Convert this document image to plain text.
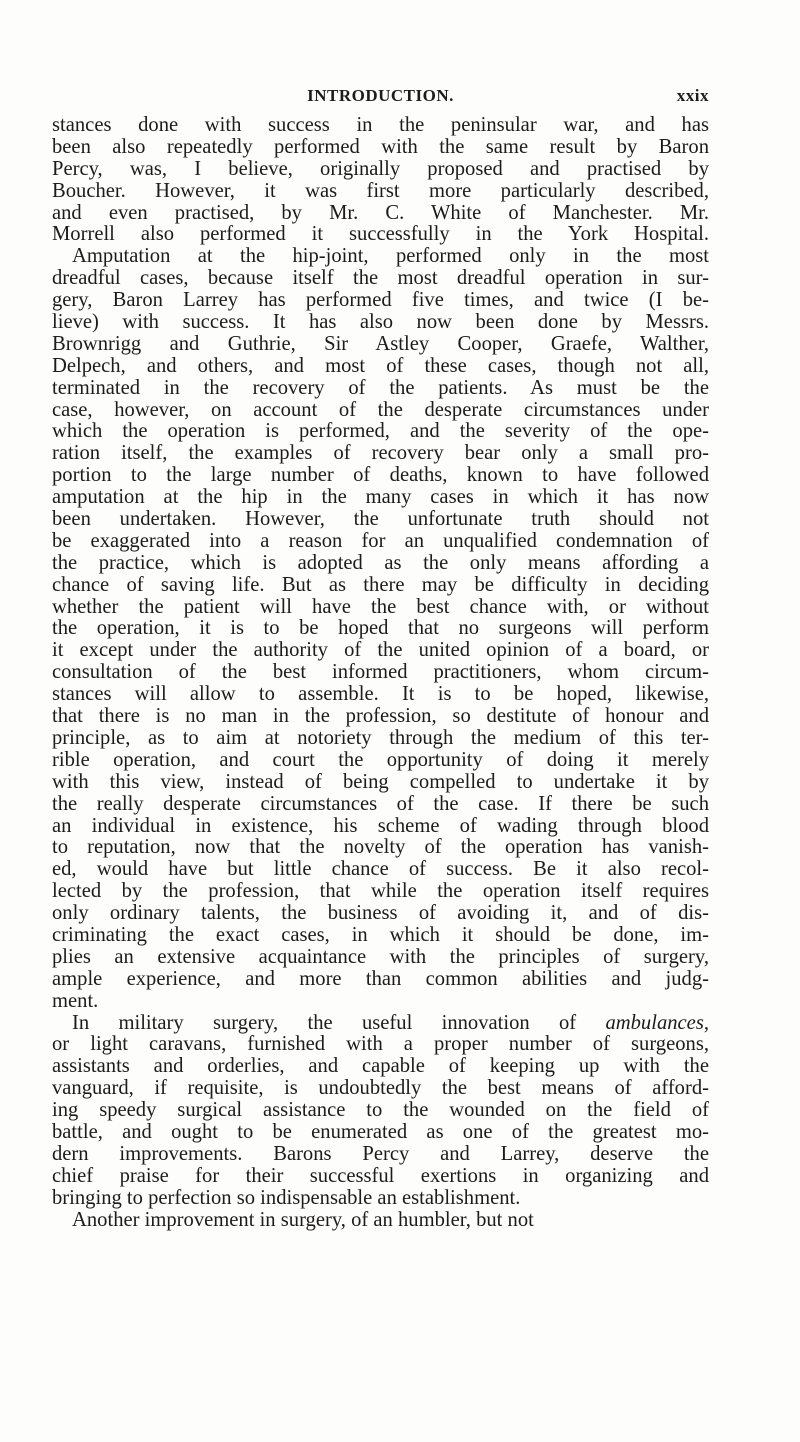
INTRODUCTION.	xxix
stances done with success in the peninsular war, and has
been also repeatedly performed with the same result by Baron
Percy, was, I believe, originally proposed and practised by
Boucher. However, it was first more particularly described,
and even practised, by Mr. C. White of Manchester. Mr.
Morrell also performed it successfully in the York Hospital.
Amputation at the hip-joint, performed only in the most
dreadful cases, because itself the most dreadful operation in sur-
gery, Baron Larrey has performed five times, and twice (I be-
lieve) with success. It has also now been done by Messrs.
Brownrigg and Guthrie, Sir Astley Cooper, Graefe, Walther,
Delpech, and others, and most of these cases, though not all,
terminated in the recovery of the patients. As must be the
case, however, on account of the desperate circumstances under
which the operation is performed, and the severity of the ope-
ration itself, the examples of recovery bear only a small pro-
portion to the large number of deaths, known to have followed
amputation at the hip in the many cases in which it has now
been undertaken. However, the unfortunate truth should not
be exaggerated into a reason for an unqualified condemnation of
the practice, which is adopted as the only means affording a
chance of saving life. But as there may be difficulty in deciding
whether the patient will have the best chance with, or without
the operation, it is to be hoped that no surgeons will perform
it except under the authority of the united opinion of a board, or
consultation of the best informed practitioners, whom circum-
stances will allow to assemble. It is to be hoped, likewise,
that there is no man in the profession, so destitute of honour and
principle, as to aim at notoriety through the medium of this ter-
rible operation, and court the opportunity of doing it merely
with this view, instead of being compelled to undertake it by
the really desperate circumstances of the case. If there be such
an individual in existence, his scheme of wading through blood
to reputation, now that the novelty of the operation has vanish-
ed, would have but little chance of success. Be it also recol-
lected by the profession, that while the operation itself requires
only ordinary talents, the business of avoiding it, and of dis-
criminating the exact cases, in which it should be done, im-
plies an extensive acquaintance with the principles of surgery,
ample experience, and more than common abilities and judg-
ment.
In military surgery, the useful innovation of ambulances,
or light caravans, furnished with a proper number of surgeons,
assistants and orderlies, and capable of keeping up with the
vanguard, if requisite, is undoubtedly the best means of afford-
ing speedy surgical assistance to the wounded on the field of
battle, and ought to be enumerated as one of the greatest mo-
dern improvements. Barons Percy and Larrey, deserve the
chief praise for their successful exertions in organizing and
bringing to perfection so indispensable an establishment.
Another improvement in surgery, of an humbler, but not
